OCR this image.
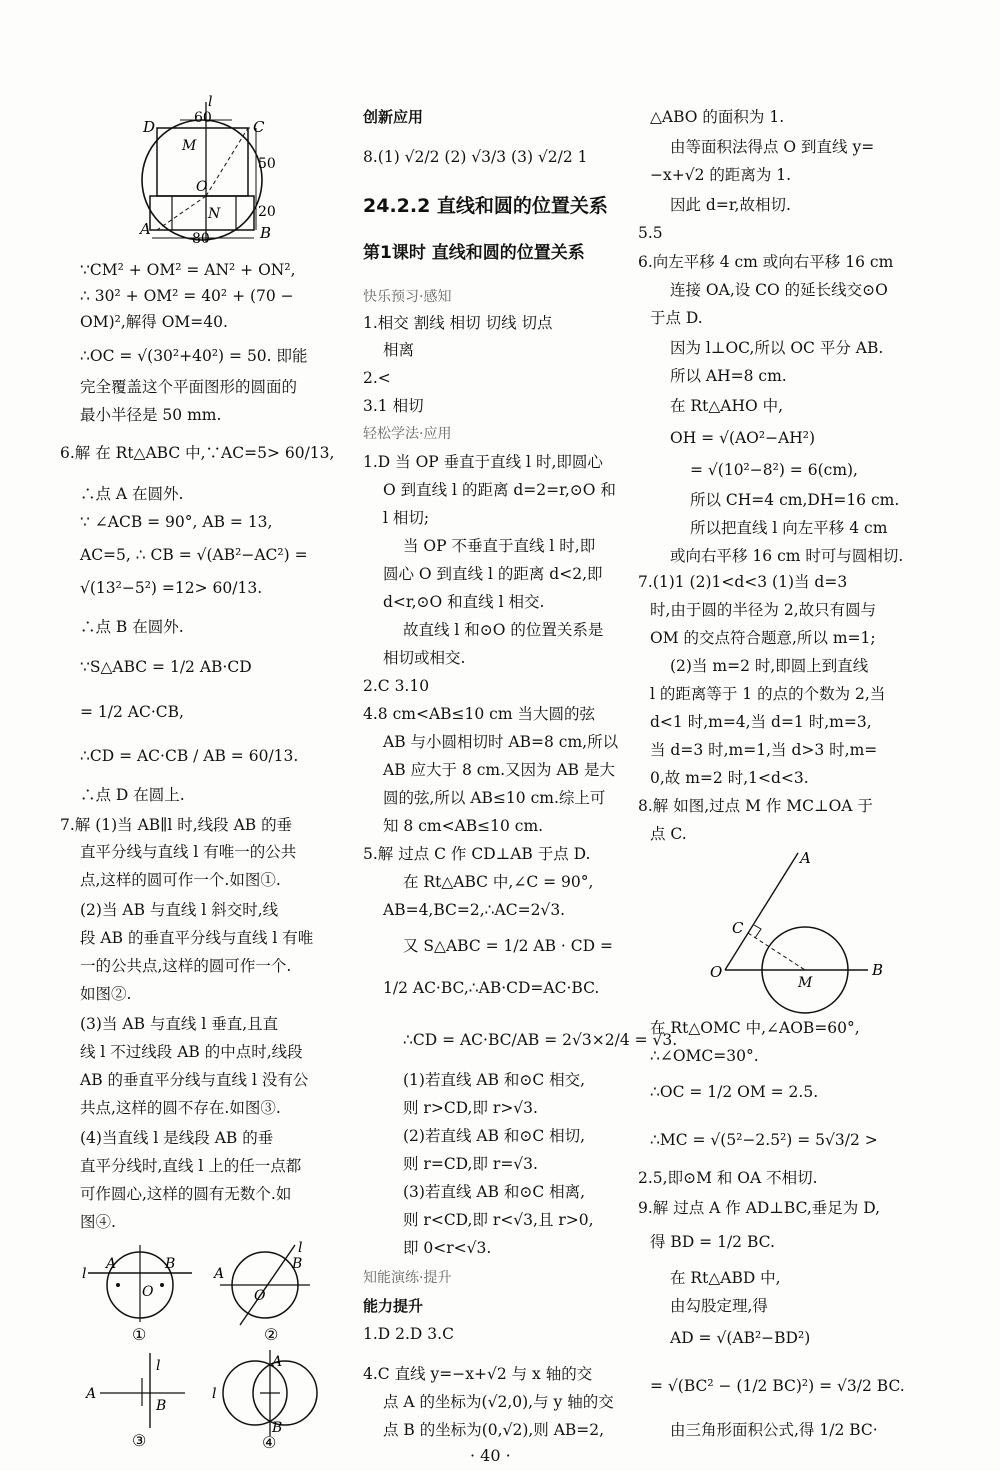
l
D	60	C
M
50
O
N	20
A
80	B
∵CM² + OM² = AN² + ON²,
∴ 30² + OM² = 40² + (70 −
OM)²,解得 OM=40.
∴OC = √(30²+40²) = 50. 即能
完全覆盖这个平面图形的圆面的
最小半径是 50 mm.
6.解 在 Rt△ABC 中,∵AC=5> 60/13,
∴点 A 在圆外.
∵ ∠ACB = 90°, AB = 13,
AC=5, ∴ CB = √(AB²−AC²) =
√(13²−5²) =12> 60/13.
∴点 B 在圆外.
∵S△ABC = 1/2 AB·CD
= 1/2 AC·CB,
∴CD = AC·CB / AB = 60/13.
∴点 D 在圆上.
7.解 (1)当 AB∥l 时,线段 AB 的垂
直平分线与直线 l 有唯一的公共
点,这样的圆可作一个.如图①.
(2)当 AB 与直线 l 斜交时,线
段 AB 的垂直平分线与直线 l 有唯
一的公共点,这样的圆可作一个.
如图②.
(3)当 AB 与直线 l 垂直,且直
线 l 不过线段 AB 的中点时,线段
AB 的垂直平分线与直线 l 没有公
共点,这样的圆不存在.如图③.
(4)当直线 l 是线段 AB 的垂
直平分线时,直线 l 上的任一点都
可作圆心,这样的圆有无数个.如
图④.
l
A	B
O
①
l
A
B
O
②
A
l
B
③
A
l
B
④
创新应用
8.(1) √2/2 (2) √3/3 (3) √2/2 1
24.2.2 直线和圆的位置关系
第1课时 直线和圆的位置关系
快乐预习·感知
1.相交 割线 相切 切线 切点
相离
2.<
3.1 相切
轻松学法·应用
1.D 当 OP 垂直于直线 l 时,即圆心
O 到直线 l 的距离 d=2=r,⊙O 和
l 相切;
当 OP 不垂直于直线 l 时,即
圆心 O 到直线 l 的距离 d<2,即
d<r,⊙O 和直线 l 相交.
故直线 l 和⊙O 的位置关系是
相切或相交.
2.C 3.10
4.8 cm<AB≤10 cm 当大圆的弦
AB 与小圆相切时 AB=8 cm,所以
AB 应大于 8 cm.又因为 AB 是大
圆的弦,所以 AB≤10 cm.综上可
知 8 cm<AB≤10 cm.
5.解 过点 C 作 CD⊥AB 于点 D.
在 Rt△ABC 中,∠C = 90°,
AB=4,BC=2,∴AC=2√3.
又 S△ABC = 1/2 AB · CD =
1/2 AC·BC,∴AB·CD=AC·BC.
∴CD = AC·BC/AB = 2√3×2/4 = √3.
(1)若直线 AB 和⊙C 相交,
则 r>CD,即 r>√3.
(2)若直线 AB 和⊙C 相切,
则 r=CD,即 r=√3.
(3)若直线 AB 和⊙C 相离,
则 r<CD,即 r<√3,且 r>0,
即 0<r<√3.
知能演练·提升
能力提升
1.D 2.D 3.C
4.C 直线 y=−x+√2 与 x 轴的交
点 A 的坐标为(√2,0),与 y 轴的交
点 B 的坐标为(0,√2),则 AB=2,
△ABO 的面积为 1.
由等面积法得点 O 到直线 y=
−x+√2 的距离为 1.
因此 d=r,故相切.
5.5
6.向左平移 4 cm 或向右平移 16 cm
连接 OA,设 CO 的延长线交⊙O
于点 D.
因为 l⊥OC,所以 OC 平分 AB.
所以 AH=8 cm.
在 Rt△AHO 中,
OH = √(AO²−AH²)
= √(10²−8²) = 6(cm),
所以 CH=4 cm,DH=16 cm.
所以把直线 l 向左平移 4 cm
或向右平移 16 cm 时可与圆相切.
7.(1)1 (2)1<d<3 (1)当 d=3
时,由于圆的半径为 2,故只有圆与
OM 的交点符合题意,所以 m=1;
(2)当 m=2 时,即圆上到直线
l 的距离等于 1 的点的个数为 2,当
d<1 时,m=4,当 d=1 时,m=3,
当 d=3 时,m=1,当 d>3 时,m=
0,故 m=2 时,1<d<3.
8.解 如图,过点 M 作 MC⊥OA 于
点 C.
A
C
O
M
B
在 Rt△OMC 中,∠AOB=60°,
∴∠OMC=30°.
∴OC = 1/2 OM = 2.5.
∴MC = √(5²−2.5²) = 5√3/2 >
2.5,即⊙M 和 OA 不相切.
9.解 过点 A 作 AD⊥BC,垂足为 D,
得 BD = 1/2 BC.
在 Rt△ABD 中,
由勾股定理,得
AD = √(AB²−BD²)
= √(BC² − (1/2 BC)²) = √3/2 BC.
由三角形面积公式,得 1/2 BC·
· 40 ·
